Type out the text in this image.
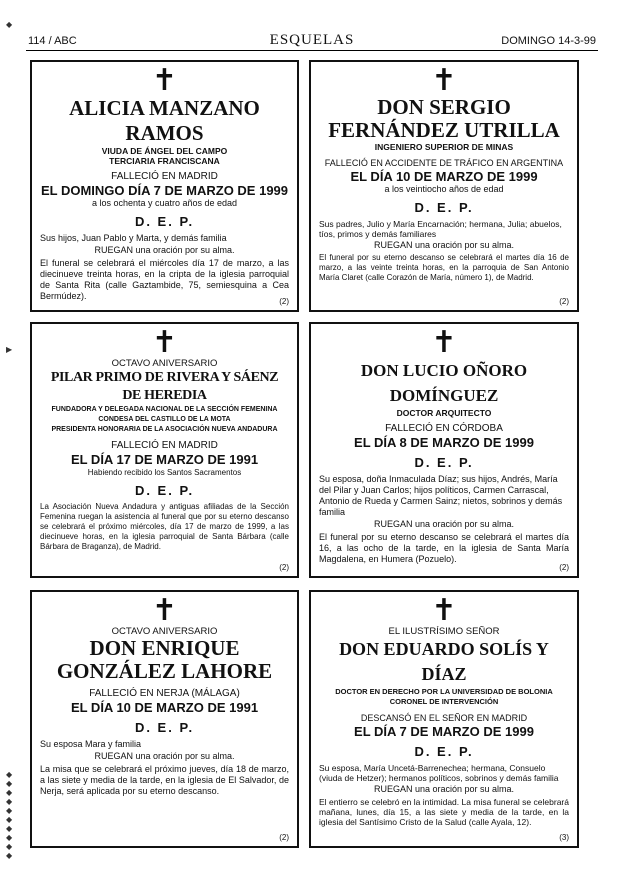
114 / ABC	ESQUELAS	DOMINGO 14-3-99
◆
▶
◆
◆
◆
◆
◆
◆
◆
◆
◆
◆
✝
ALICIA MANZANO RAMOS
VIUDA DE ÁNGEL DEL CAMPO
TERCIARIA FRANCISCANA
FALLECIÓ EN MADRID
EL DOMINGO DÍA 7 DE MARZO DE 1999
a los ochenta y cuatro años de edad
D. E. P.
Sus hijos, Juan Pablo y Marta, y demás familia
RUEGAN una oración por su alma.
El funeral se celebrará el miércoles día 17 de marzo, a las diecinueve treinta horas, en la cripta de la iglesia parroquial de Santa Rita (calle Gaztambide, 75, semiesquina a Cea Bermúdez).
(2)
✝
DON SERGIO FERNÁNDEZ UTRILLA
INGENIERO SUPERIOR DE MINAS
FALLECIÓ EN ACCIDENTE DE TRÁFICO EN ARGENTINA
EL DÍA 10 DE MARZO DE 1999
a los veintiocho años de edad
D. E. P.
Sus padres, Julio y María Encarnación; hermana, Julia; abuelos, tíos, primos y demás familiares
RUEGAN una oración por su alma.
El funeral por su eterno descanso se celebrará el martes día 16 de marzo, a las veinte treinta horas, en la parroquia de San Antonio María Claret (calle Corazón de María, número 1), de Madrid.
(2)
✝
OCTAVO ANIVERSARIO
PILAR PRIMO DE RIVERA Y SÁENZ DE HEREDIA
FUNDADORA Y DELEGADA NACIONAL DE LA SECCIÓN FEMENINA
CONDESA DEL CASTILLO DE LA MOTA
PRESIDENTA HONORARIA DE LA ASOCIACIÓN NUEVA ANDADURA
FALLECIÓ EN MADRID
EL DÍA 17 DE MARZO DE 1991
Habiendo recibido los Santos Sacramentos
D. E. P.
La Asociación Nueva Andadura y antiguas afiliadas de la Sección Femenina ruegan la asistencia al funeral que por su eterno descanso se celebrará el próximo miércoles, día 17 de marzo de 1999, a las diecinueve horas, en la iglesia parroquial de Santa Bárbara (calle Bárbara de Braganza), de Madrid.
(2)
✝
DON LUCIO OÑORO DOMÍNGUEZ
DOCTOR ARQUITECTO
FALLECIÓ EN CÓRDOBA
EL DÍA 8 DE MARZO DE 1999
D. E. P.
Su esposa, doña Inmaculada Díaz; sus hijos, Andrés, María del Pilar y Juan Carlos; hijos políticos, Carmen Carrascal, Antonio de Rueda y Carmen Sainz; nietos, sobrinos y demás familia
RUEGAN una oración por su alma.
El funeral por su eterno descanso se celebrará el martes día 16, a las ocho de la tarde, en la iglesia de Santa María Magdalena, en Humera (Pozuelo).
(2)
✝
OCTAVO ANIVERSARIO
DON ENRIQUE GONZÁLEZ LAHORE
FALLECIÓ EN NERJA (MÁLAGA)
EL DÍA 10 DE MARZO DE 1991
D. E. P.
Su esposa Mara y familia
RUEGAN una oración por su alma.
La misa que se celebrará el próximo jueves, día 18 de marzo, a las siete y media de la tarde, en la iglesia de El Salvador, de Nerja, será aplicada por su eterno descanso.
(2)
✝
EL ILUSTRÍSIMO SEÑOR
DON EDUARDO SOLÍS Y DÍAZ
DOCTOR EN DERECHO POR LA UNIVERSIDAD DE BOLONIA
CORONEL DE INTERVENCIÓN
DESCANSÓ EN EL SEÑOR EN MADRID
EL DÍA 7 DE MARZO DE 1999
D. E. P.
Su esposa, María Uncetá-Barrenechea; hermana, Consuelo (viuda de Hetzer); hermanos políticos, sobrinos y demás familia
RUEGAN una oración por su alma.
El entierro se celebró en la intimidad. La misa funeral se celebrará mañana, lunes, día 15, a las siete y media de la tarde, en la iglesia del Santísimo Cristo de la Salud (calle Ayala, 12).
(3)
